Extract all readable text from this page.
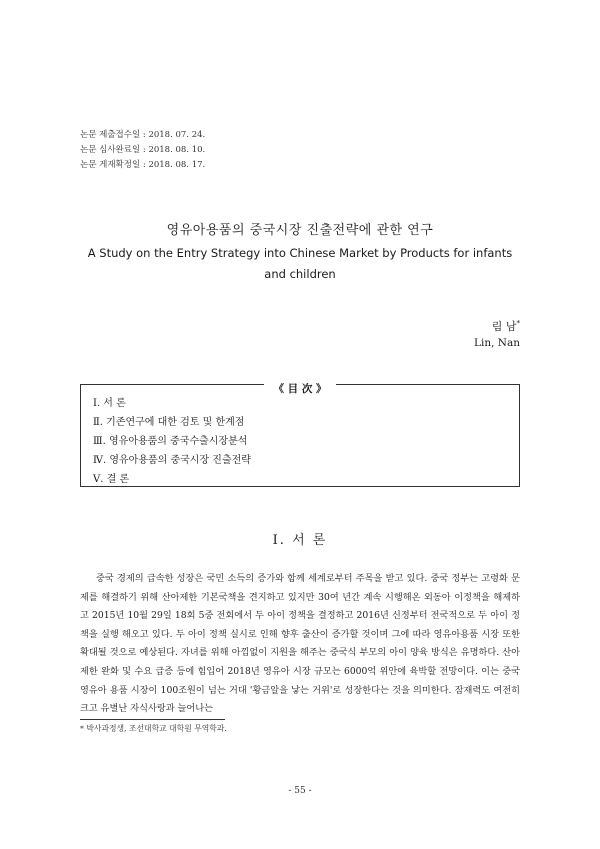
논문 제출접수일 : 2018. 07. 24.
논문 심사완료일 : 2018. 08. 10.
논문 게재확정일 : 2018. 08. 17.
영유아용품의 중국시장 진출전략에 관한 연구
A Study on the Entry Strategy into Chinese Market by Products for infants and children
림 남*
Lin, Nan
《 目 次 》
Ⅰ. 서 론
Ⅱ. 기존연구에 대한 검토 및 한계점
Ⅲ. 영유아용품의 중국수출시장분석
Ⅳ. 영유아용품의 중국시장 진출전략
Ⅴ. 결 론
Ⅰ. 서 론

중국 경제의 급속한 성장은 국민 소득의 증가와 함께 세계로부터 주목을 받고 있다. 중국 정부는 고령화 문제를 해결하기 위해 산아제한 기본국책을 견지하고 있지만 30여 년간 계속 시행해온 외동아 이정책을 해제하고 2015년 10월 29일 18회 5중 전회에서 두 아이 정책을 결정하고 2016년 신정부터 전국적으로 두 아이 정책을 실행 해오고 있다. 두 아이 정책 실시로 인해 향후 출산이 증가할 것이며 그에 따라 영유아용품 시장 또한 확대될 것으로 예상된다. 자녀를 위해 아낌없이 지원을 해주는 중국식 부모의 아이 양육 방식은 유명하다. 산아제한 완화 및 수요 급증 등에 힘입어 2018년 영유아 시장 규모는 6000억 위안에 육박할 전망이다. 이는 중국 영유아 용품 시장이 100조원이 넘는 거대 '황금알을 낳는 거위'로 성장한다는 것을 의미한다. 잠재력도 여전히 크고 유별난 자식사랑과 늘어나는

* 박사과정생, 조선대학교 대학원 무역학과.
- 55 -
